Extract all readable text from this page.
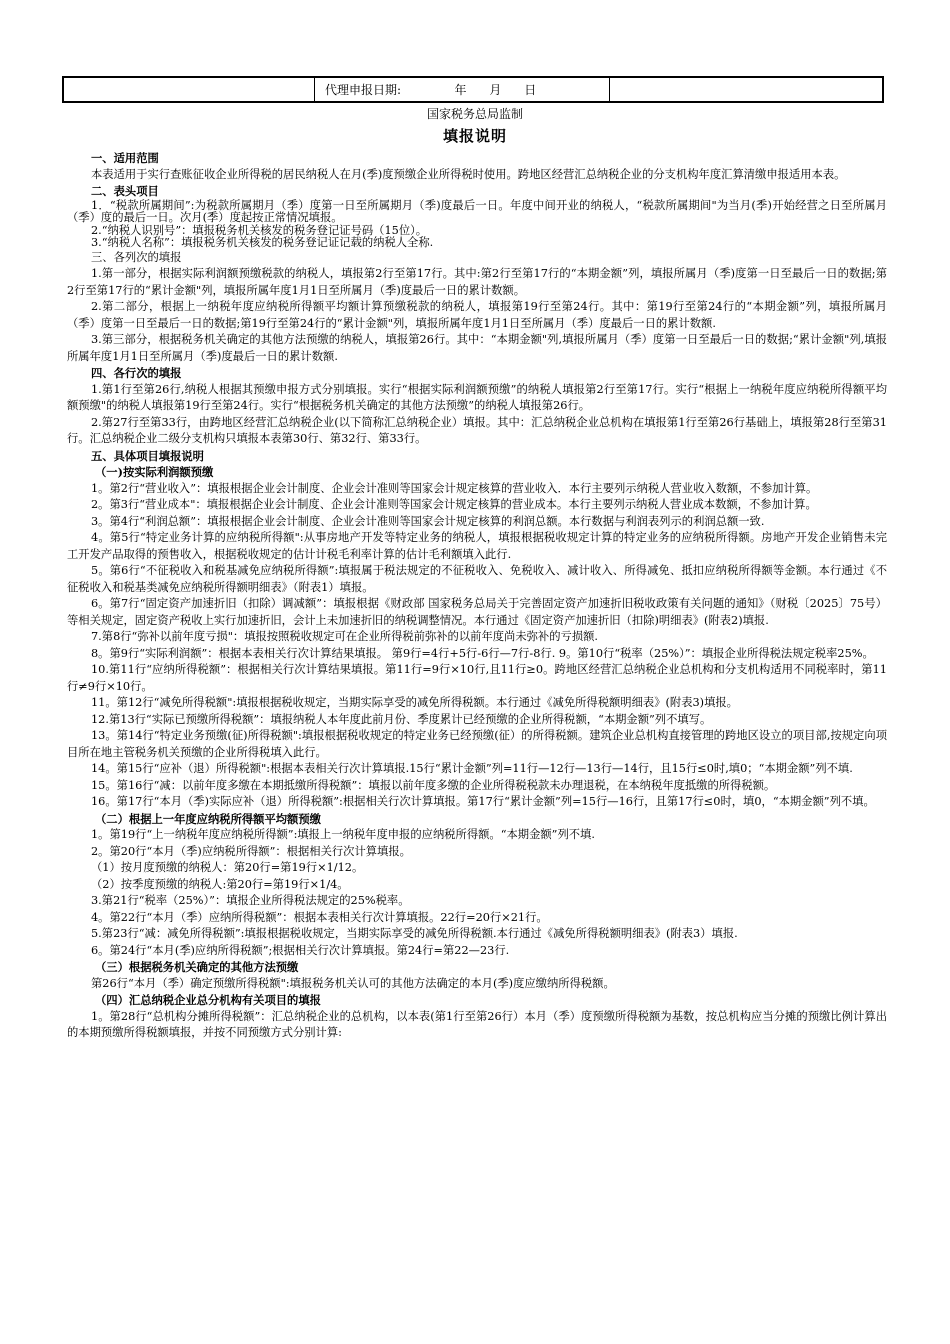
代理申报日期:              年      月      日
国家税务总局监制
填报说明

一、适用范围

本表适用于实行查账征收企业所得税的居民纳税人在月(季)度预缴企业所得税时使用。跨地区经营汇总纳税企业的分支机构年度汇算清缴申报适用本表。

二、表头项目

1．“税款所属期间”:为税款所属期月（季）度第一日至所属期月（季)度最后一日。年度中间开业的纳税人，“税款所属期间"为当月(季)开始经营之日至所属月（季）度的最后一日。次月(季）度起按正常情况填报。

2.“纳税人识别号”：填报税务机关核发的税务登记证号码（15位）。

3.“纳税人名称”：填报税务机关核发的税务登记证记载的纳税人全称.

三、各列次的填报

1.第一部分，根据实际利润额预缴税款的纳税人，填报第2行至第17行。其中:第2行至第17行的“本期金额”列，填报所属月（季)度第一日至最后一日的数据;第2行至第17行的“累计金额"列，填报所属年度1月1日至所属月（季)度最后一日的累计数额。

2.第二部分，根据上一纳税年度应纳税所得额平均额计算预缴税款的纳税人，填报第19行至第24行。其中：第19行至第24行的“本期金额”列，填报所属月（季）度第一日至最后一日的数据;第19行至第24行的“累计金额"列，填报所属年度1月1日至所属月（季）度最后一日的累计数额.

3.第三部分，根据税务机关确定的其他方法预缴的纳税人，填报第26行。其中：“本期金额"列,填报所属月（季）度第一日至最后一日的数据;“累计金额"列,填报所属年度1月1日至所属月（季)度最后一日的累计数额.

四、各行次的填报

1.第1行至第26行,纳税人根据其预缴申报方式分别填报。实行“根据实际利润额预缴”的纳税人填报第2行至第17行。实行“根据上一纳税年度应纳税所得额平均额预缴"的纳税人填报第19行至第24行。实行“根据税务机关确定的其他方法预缴”的纳税人填报第26行。

2.第27行至第33行，由跨地区经营汇总纳税企业(以下简称汇总纳税企业）填报。其中：汇总纳税企业总机构在填报第1行至第26行基础上，填报第28行至第31行。汇总纳税企业二级分支机构只填报本表第30行、第32行、第33行。

五、具体项目填报说明

（一)按实际利润额预缴

1。第2行“营业收入”：填报根据企业会计制度、企业会计准则等国家会计规定核算的营业收入．本行主要列示纳税人营业收入数额，不参加计算。

2。第3行“营业成本"：填报根据企业会计制度、企业会计准则等国家会计规定核算的营业成本。本行主要列示纳税人营业成本数额，不参加计算。

3。第4行“利润总额”：填报根据企业会计制度、企业会计准则等国家会计规定核算的利润总额。本行数据与利润表列示的利润总额一致.

4。第5行“特定业务计算的应纳税所得额":从事房地产开发等特定业务的纳税人，填报根据税收规定计算的特定业务的应纳税所得额。房地产开发企业销售未完工开发产品取得的预售收入，根据税收规定的估计计税毛利率计算的估计毛利额填入此行.

5。第6行“不征税收入和税基减免应纳税所得额”:填报属于税法规定的不征税收入、免税收入、减计收入、所得减免、抵扣应纳税所得额等金额。本行通过《不征税收入和税基类减免应纳税所得额明细表》（附表1）填报。

6。第7行“固定资产加速折旧（扣除）调减额”：填报根据《财政部 国家税务总局关于完善固定资产加速折旧税收政策有关问题的通知》（财税〔2025〕75号）等相关规定，固定资产税收上实行加速折旧，会计上未加速折旧的纳税调整情况。本行通过《固定资产加速折旧（扣除)明细表》(附表2)填报.

7.第8行“弥补以前年度亏损"：填报按照税收规定可在企业所得税前弥补的以前年度尚未弥补的亏损额.

8。第9行“实际利润额”：根据本表相关行次计算结果填报。 第9行=4行+5行-6行—7行-8行. 9。第10行“税率（25%）”：填报企业所得税法规定税率25%。

10.第11行“应纳所得税额”：根据相关行次计算结果填报。第11行=9行×10行,且11行≥0。跨地区经营汇总纳税企业总机构和分支机构适用不同税率时，第11行≠9行×10行。

11。第12行“减免所得税额":填报根据税收规定，当期实际享受的减免所得税额。本行通过《减免所得税额明细表》(附表3)填报。

12.第13行“实际已预缴所得税额”：填报纳税人本年度此前月份、季度累计已经预缴的企业所得税额，“本期金额”列不填写。

13。第14行“特定业务预缴(征)所得税额":填报根据税收规定的特定业务已经预缴(征）的所得税额。建筑企业总机构直接管理的跨地区设立的项目部,按规定向项目所在地主管税务机关预缴的企业所得税填入此行。

14。第15行“应补（退）所得税额":根据本表相关行次计算填报.15行“累计金额”列=11行—12行—13行—14行，且15行≤0时,填0；“本期金额”列不填.

15。第16行“减：以前年度多缴在本期抵缴所得税额”：填报以前年度多缴的企业所得税税款未办理退税，在本纳税年度抵缴的所得税额。

16。第17行“本月（季)实际应补（退）所得税额”:根据相关行次计算填报。第17行“累计金额”列=15行—16行，且第17行≤0时，填0，“本期金额”列不填。

（二）根据上一年度应纳税所得额平均额预缴

1。第19行“上一纳税年度应纳税所得额”:填报上一纳税年度申报的应纳税所得额。“本期金额”列不填.

2。第20行“本月（季)应纳税所得额”：根据相关行次计算填报。

（1）按月度预缴的纳税人：第20行=第19行×1/12。

（2）按季度预缴的纳税人:第20行=第19行×1/4。

3.第21行“税率（25%）”：填报企业所得税法规定的25%税率。

4。第22行“本月（季）应纳所得税额”：根据本表相关行次计算填报。22行=20行×21行。

5.第23行“减：减免所得税额”:填报根据税收规定，当期实际享受的减免所得税额.本行通过《减免所得税额明细表》(附表3）填报.

6。第24行“本月(季)应纳所得税额”;根据相关行次计算填报。第24行=第22—23行.

（三）根据税务机关确定的其他方法预缴

第26行“本月（季）确定预缴所得税额":填报税务机关认可的其他方法确定的本月(季)度应缴纳所得税额。

（四）汇总纳税企业总分机构有关项目的填报

1。第28行“总机构分摊所得税额”：汇总纳税企业的总机构，以本表(第1行至第26行）本月（季）度预缴所得税额为基数，按总机构应当分摊的预缴比例计算出的本期预缴所得税额填报，并按不同预缴方式分别计算:
